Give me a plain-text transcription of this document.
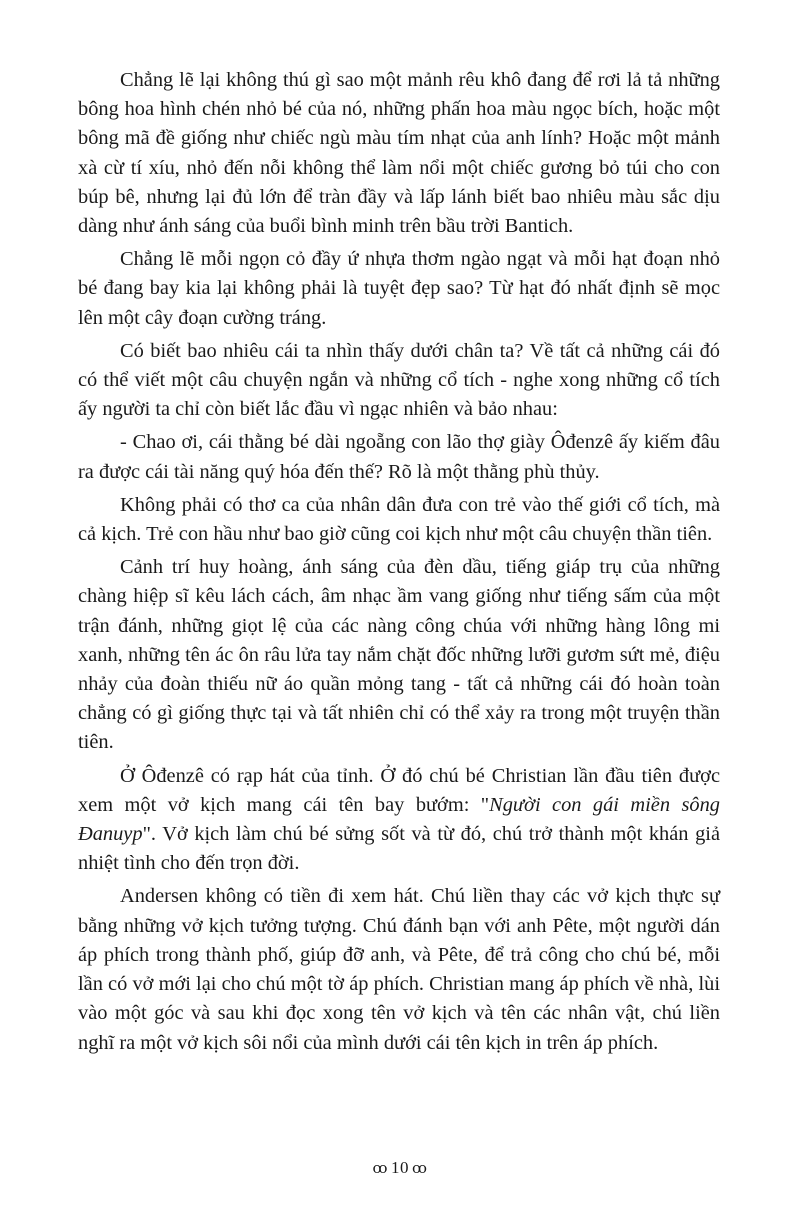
Chẳng lẽ lại không thú gì sao một mảnh rêu khô đang để rơi lả tả những bông hoa hình chén nhỏ bé của nó, những phấn hoa màu ngọc bích, hoặc một bông mã đề giống như chiếc ngù màu tím nhạt của anh lính? Hoặc một mảnh xà cừ tí xíu, nhỏ đến nỗi không thể làm nổi một chiếc gương bỏ túi cho con búp bê, nhưng lại đủ lớn để tràn đầy và lấp lánh biết bao nhiêu màu sắc dịu dàng như ánh sáng của buổi bình minh trên bầu trời Bantich.

Chẳng lẽ mỗi ngọn cỏ đầy ứ nhựa thơm ngào ngạt và mỗi hạt đoạn nhỏ bé đang bay kia lại không phải là tuyệt đẹp sao? Từ hạt đó nhất định sẽ mọc lên một cây đoạn cường tráng.

Có biết bao nhiêu cái ta nhìn thấy dưới chân ta? Về tất cả những cái đó có thể viết một câu chuyện ngắn và những cổ tích - nghe xong những cổ tích ấy người ta chỉ còn biết lắc đầu vì ngạc nhiên và bảo nhau:

- Chao ơi, cái thằng bé dài ngoẵng con lão thợ giày Ôđenzê ấy kiếm đâu ra được cái tài năng quý hóa đến thế? Rõ là một thằng phù thủy.

Không phải có thơ ca của nhân dân đưa con trẻ vào thế giới cổ tích, mà cả kịch. Trẻ con hầu như bao giờ cũng coi kịch như một câu chuyện thần tiên.

Cảnh trí huy hoàng, ánh sáng của đèn dầu, tiếng giáp trụ của những chàng hiệp sĩ kêu lách cách, âm nhạc ầm vang giống như tiếng sấm của một trận đánh, những giọt lệ của các nàng công chúa với những hàng lông mi xanh, những tên ác ôn râu lửa tay nắm chặt đốc những lưỡi gươm sứt mẻ, điệu nhảy của đoàn thiếu nữ áo quần mỏng tang - tất cả những cái đó hoàn toàn chẳng có gì giống thực tại và tất nhiên chỉ có thể xảy ra trong một truyện thần tiên.

Ở Ôđenzê có rạp hát của tỉnh. Ở đó chú bé Christian lần đầu tiên được xem một vở kịch mang cái tên bay bướm: "Người con gái miền sông Đanuyp". Vở kịch làm chú bé sửng sốt và từ đó, chú trở thành một khán giả nhiệt tình cho đến trọn đời.

Andersen không có tiền đi xem hát. Chú liền thay các vở kịch thực sự bằng những vở kịch tưởng tượng. Chú đánh bạn với anh Pête, một người dán áp phích trong thành phố, giúp đỡ anh, và Pête, để trả công cho chú bé, mỗi lần có vở mới lại cho chú một tờ áp phích. Christian mang áp phích về nhà, lùi vào một góc và sau khi đọc xong tên vở kịch và tên các nhân vật, chú liền nghĩ ra một vở kịch sôi nổi của mình dưới cái tên kịch in trên áp phích.

ꝏ 10 ꝏ
